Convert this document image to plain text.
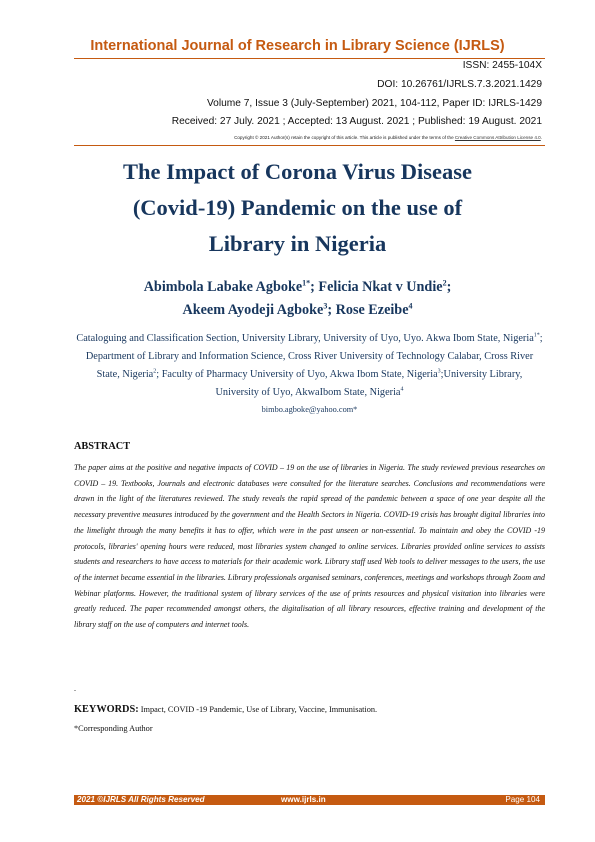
International Journal of Research in Library Science (IJRLS)
ISSN: 2455-104X
DOI: 10.26761/IJRLS.7.3.2021.1429
Volume 7, Issue 3 (July-September) 2021, 104-112, Paper ID: IJRLS-1429
Received: 27 July. 2021 ; Accepted: 13 August. 2021 ; Published: 19 August. 2021
Copyright © 2021 Author(s) retain the copyright of this article. This article is published under the terms of the Creative Commons Attribution License 4.0.
The Impact of Corona Virus Disease
(Covid-19) Pandemic on the use of
Library in Nigeria
Abimbola Labake Agboke$^{1*}$; Felicia Nkat v Undie$^2$;
Akeem Ayodeji Agboke$^3$; Rose Ezeibe$^4$
Cataloguing and Classification Section, University Library, University of Uyo, Uyo. Akwa Ibom State, Nigeria$^{1*}$; Department of Library and Information Science, Cross River University of Technology Calabar, Cross River State, Nigeria$^2$; Faculty of Pharmacy University of Uyo, Akwa Ibom State, Nigeria$^3$;University Library, University of Uyo, AkwaIbom State, Nigeria$^4$
bimbo.agboke@yahoo.com*
ABSTRACT
The paper aims at the positive and negative impacts of COVID – 19 on the use of libraries in Nigeria. The study reviewed previous researches on COVID – 19. Textbooks, Journals and electronic databases were consulted for the literature searches. Conclusions and recommendations were drawn in the light of the literatures reviewed. The study reveals the rapid spread of the pandemic between a space of one year despite all the necessary preventive measures introduced by the government and the Health Sectors in Nigeria. COVID-19 crisis has brought digital libraries into the limelight through the many benefits it has to offer, which were in the past unseen or non-essential. To maintain and obey the COVID -19 protocols, libraries' opening hours were reduced, most libraries system changed to online services. Libraries provided online services to assists students and researchers to have access to materials for their academic work. Library staff used Web tools to deliver messages to the users, the use of the internet became essential in the libraries. Library professionals organised seminars, conferences, meetings and workshops through Zoom and Webinar platforms. However, the traditional system of library services of the use of prints resources and physical visitation into libraries were greatly reduced. The paper recommended amongst others, the digitalisation of all library resources, effective training and development of the library staff on the use of computers and internet tools.
.
KEYWORDS: Impact, COVID -19 Pandemic, Use of Library, Vaccine, Immunisation.
*Corresponding Author
2021 ©IJRLS All Rights Reserved	www.ijrls.in	Page 104
